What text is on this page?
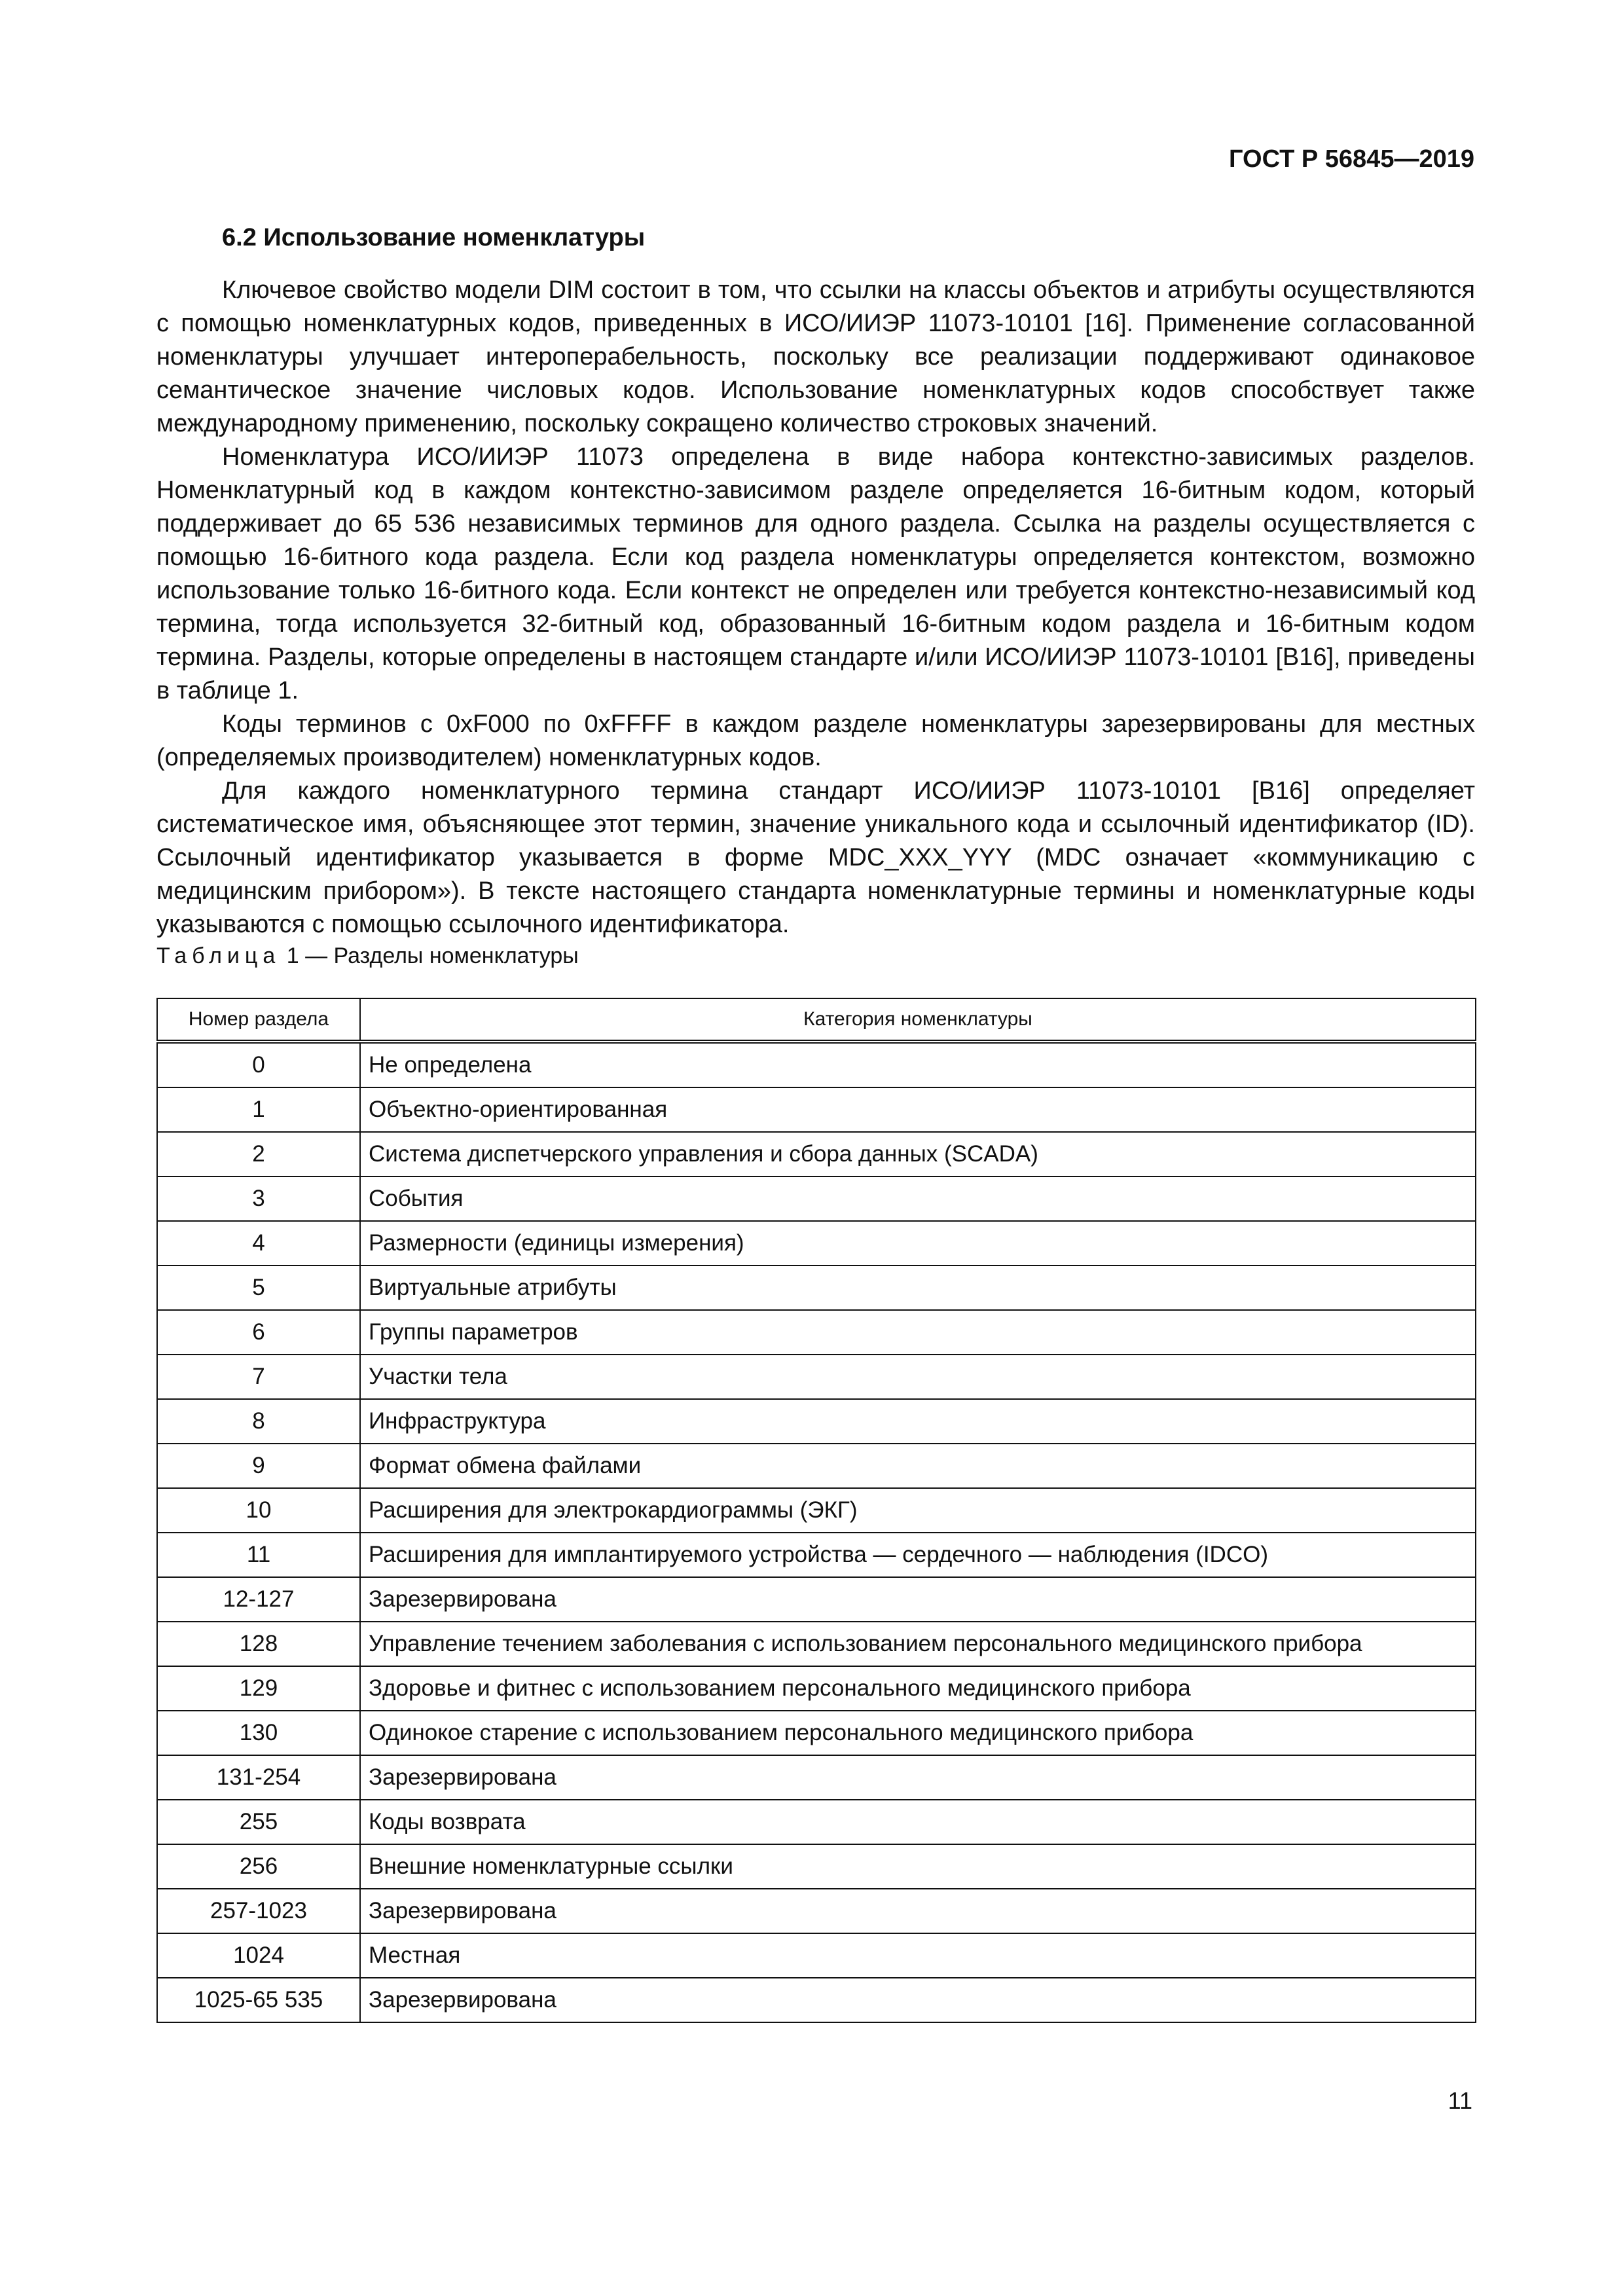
ГОСТ Р 56845—2019
6.2 Использование номенклатуры

Ключевое свойство модели DIM состоит в том, что ссылки на классы объектов и атрибуты осуществляются с помощью номенклатурных кодов, приведенных в ИСО/ИИЭР 11073-10101 [16]. Применение согласованной номенклатуры улучшает интероперабельность, поскольку все реализации поддерживают одинаковое семантическое значение числовых кодов. Использование номенклатурных кодов способствует также международному применению, поскольку сокращено количество строковых значений.

Номенклатура ИСО/ИИЭР 11073 определена в виде набора контекстно-зависимых разделов. Номенклатурный код в каждом контекстно-зависимом разделе определяется 16-битным кодом, который поддерживает до 65 536 независимых терминов для одного раздела. Ссылка на разделы осуществляется с помощью 16-битного кода раздела. Если код раздела номенклатуры определяется контекстом, возможно использование только 16-битного кода. Если контекст не определен или требуется контекстно-независимый код термина, тогда используется 32-битный код, образованный 16-битным кодом раздела и 16-битным кодом термина. Разделы, которые определены в настоящем стандарте и/или ИСО/ИИЭР 11073-10101 [B16], приведены в таблице 1.

Коды терминов с 0xF000 по 0xFFFF в каждом разделе номенклатуры зарезервированы для местных (определяемых производителем) номенклатурных кодов.

Для каждого номенклатурного термина стандарт ИСО/ИИЭР 11073-10101 [B16] определяет систематическое имя, объясняющее этот термин, значение уникального кода и ссылочный идентификатор (ID). Ссылочный идентификатор указывается в форме MDC_XXX_YYY (MDC означает «коммуникацию с медицинским прибором»). В тексте настоящего стандарта номенклатурные термины и номенклатурные коды указываются с помощью ссылочного идентификатора.

Таблица 1 — Разделы номенклатуры
Номер раздела	Категория номенклатуры
0	Не определена
1	Объектно-ориентированная
2	Система диспетчерского управления и сбора данных (SCADA)
3	События
4	Размерности (единицы измерения)
5	Виртуальные атрибуты
6	Группы параметров
7	Участки тела
8	Инфраструктура
9	Формат обмена файлами
10	Расширения для электрокардиограммы (ЭКГ)
11	Расширения для имплантируемого устройства — сердечного — наблюдения (IDCO)
12-127	Зарезервирована
128	Управление течением заболевания с использованием персонального медицинского прибора
129	Здоровье и фитнес с использованием персонального медицинского прибора
130	Одинокое старение с использованием персонального медицинского прибора
131-254	Зарезервирована
255	Коды возврата
256	Внешние номенклатурные ссылки
257-1023	Зарезервирована
1024	Местная
1025-65 535	Зарезервирована
11
